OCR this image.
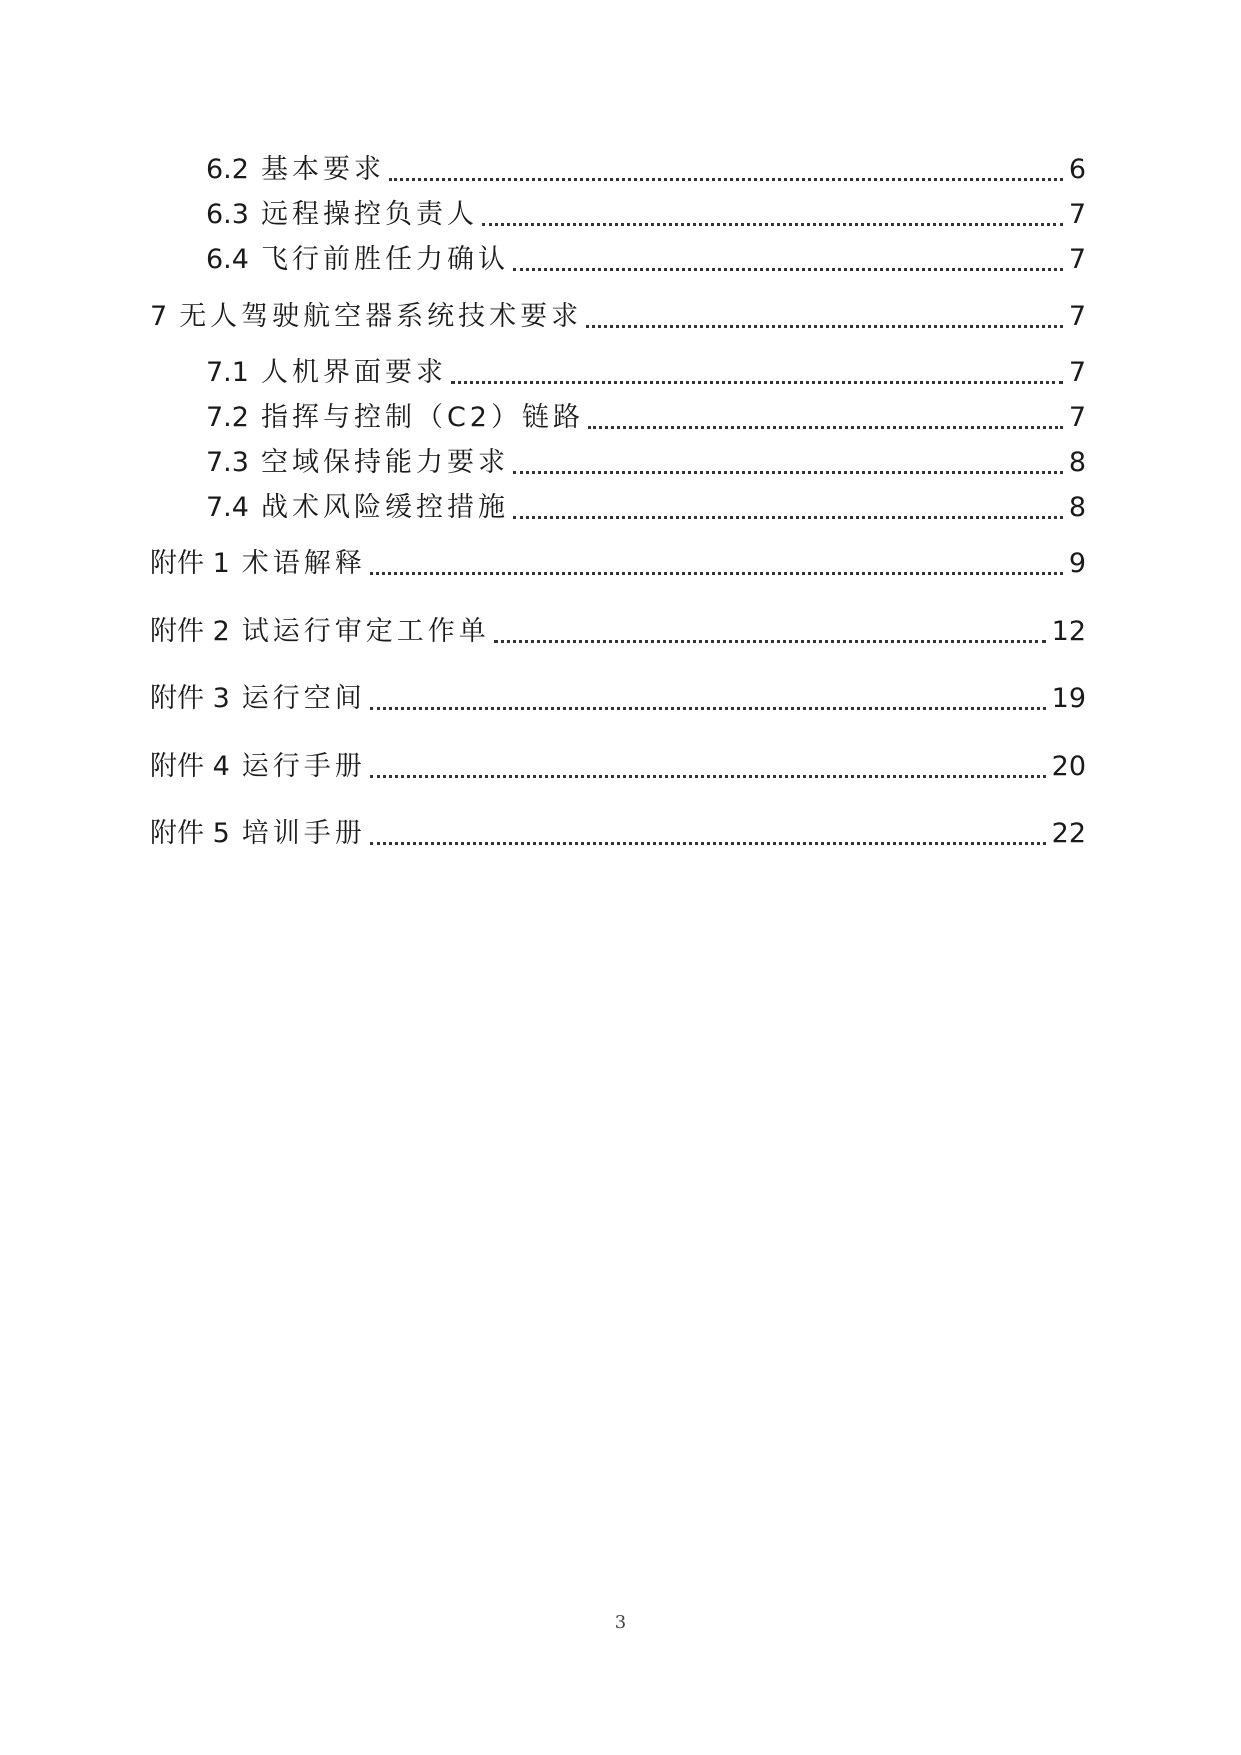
6.2 基本要求	6
6.3 远程操控负责人	7
6.4 飞行前胜任力确认	7
7 无人驾驶航空器系统技术要求	7
7.1 人机界面要求	7
7.2 指挥与控制（C2）链路	7
7.3 空域保持能力要求	8
7.4 战术风险缓控措施	8
附件 1 术语解释	9
附件 2 试运行审定工作单	12
附件 3 运行空间	19
附件 4 运行手册	20
附件 5 培训手册	22
3
